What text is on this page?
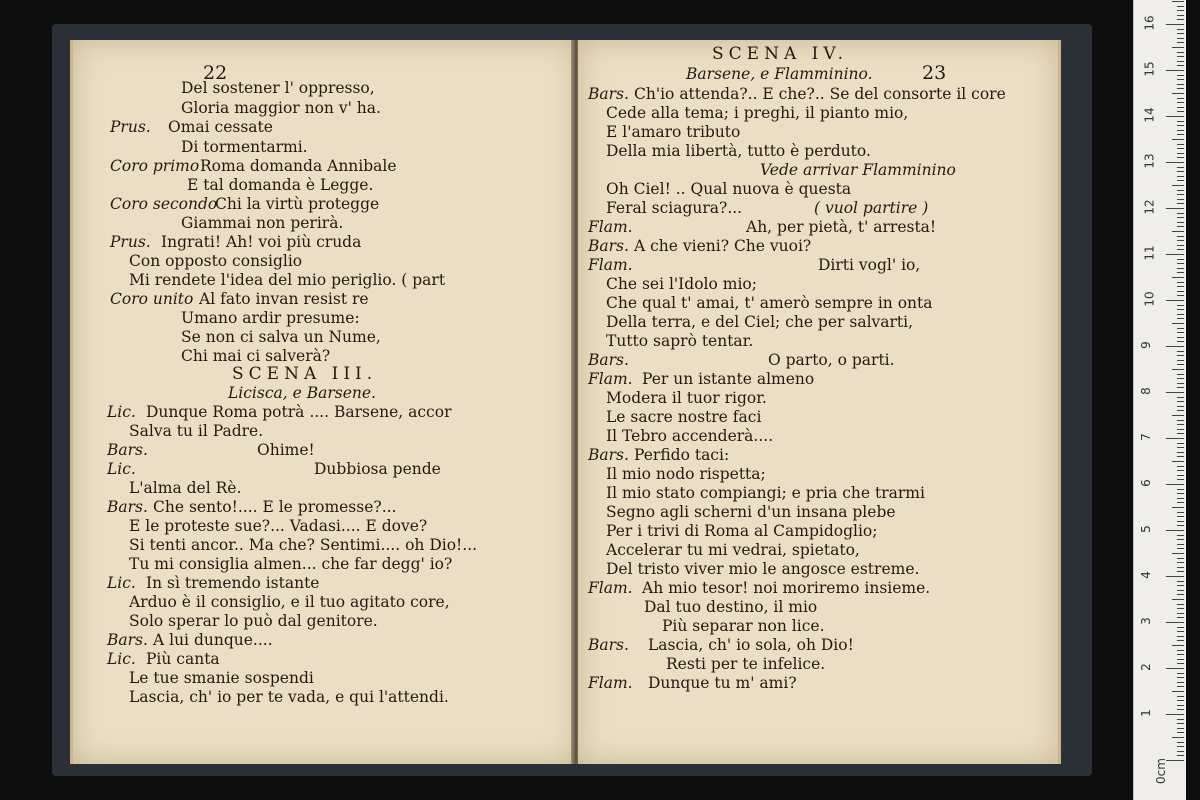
22
Del sostener l' oppresso,
Gloria maggior non v' ha.
Prus. Omai cessate
Di tormentarmi.
Coro primo Roma domanda Annibale
E tal domanda è Legge.
Coro secondo
Chi la virtù protegge
Giammai non perirà.
Prus. Ingrati! Ah! voi più cruda
Con opposto consiglio
Mi rendete l'idea del mio periglio. ( part
Coro unito Al fato invan resist re
Umano ardir presume:
Se non ci salva un Nume,
Chi mai ci salverà?
SCENA III.
Licisca, e Barsene.
Lic. Dunque Roma potrà .... Barsene, accor
Salva tu il Padre.
Bars.	Ohime!
Lic.	Dubbiosa pende
L'alma del Rè.
Bars. Che sento!.... E le promesse?...
E le proteste sue?... Vadasi.... E dove?
Si tenti ancor.. Ma che? Sentimi.... oh Dio!...
Tu mi consiglia almen... che far degg' io?
Lic. In sì tremendo istante
Arduo è il consiglio, e il tuo agitato core,
Solo sperar lo può dal genitore.
Bars. A lui dunque....
Lic. Più canta
Le tue smanie sospendi
Lascia, ch' io per te vada, e qui l'attendi.
23
SCENA IV.
Barsene, e Flamminino.
Bars. Ch'io attenda?.. E che?.. Se del consorte il core
Cede alla tema; i preghi, il pianto mio,
E l'amaro tributo
Della mia libertà, tutto è perduto.
Vede arrivar Flamminino
Oh Ciel! .. Qual nuova è questa
Feral sciagura?...	( vuol partire )
Flam.	Ah, per pietà, t' arresta!
Bars. A che vieni? Che vuoi?
Flam.	Dirti vogl' io,
Che sei l'Idolo mio;
Che qual t' amai, t' amerò sempre in onta
Della terra, e del Ciel; che per salvarti,
Tutto saprò tentar.
Bars.	O parto, o parti.
Flam. Per un istante almeno
Modera il tuor rigor.
Le sacre nostre faci
Il Tebro accenderà....
Bars. Perfido taci:
Il mio nodo rispetta;
Il mio stato compiangi; e pria che trarmi
Segno agli scherni d'un insana plebe
Per i trivi di Roma al Campidoglio;
Accelerar tu mi vedrai, spietato,
Del tristo viver mio le angosce estreme.
Flam. Ah mio tesor! noi moriremo insieme.
Dal tuo destino, il mio
Più separar non lice.
Bars. Lascia, ch' io sola, oh Dio!
Resti per te infelice.
Flam. Dunque tu m' ami?
1
2
3
4
5
6
7
8
9
10
11
12
13
14
15
16
0cm
